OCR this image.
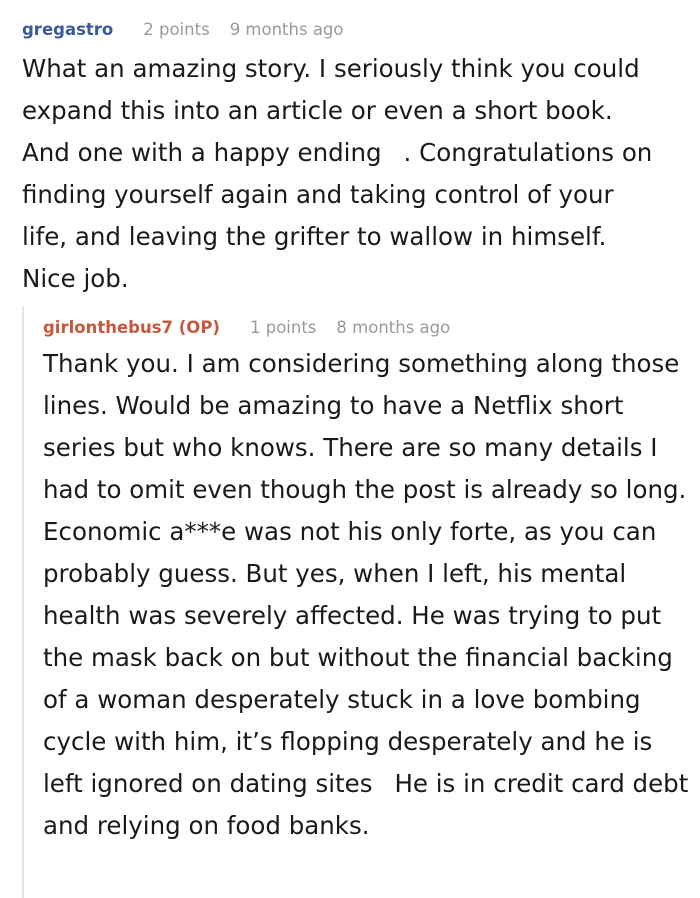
gregastro 2 points 9 months ago
What an amazing story. I seriously think you could expand this into an article or even a short book. And one with a happy ending . Congratulations on finding yourself again and taking control of your life, and leaving the grifter to wallow in himself. Nice job.
girlonthebus7 (OP) 1 points 8 months ago
Thank you. I am considering something along those lines. Would be amazing to have a Netflix short series but who knows. There are so many details I had to omit even though the post is already so long. Economic a***e was not his only forte, as you can probably guess. But yes, when I left, his mental health was severely affected. He was trying to put the mask back on but without the financial backing of a woman desperately stuck in a love bombing cycle with him, it’s flopping desperately and he is left ignored on dating sites He is in credit card debt and relying on food banks.
